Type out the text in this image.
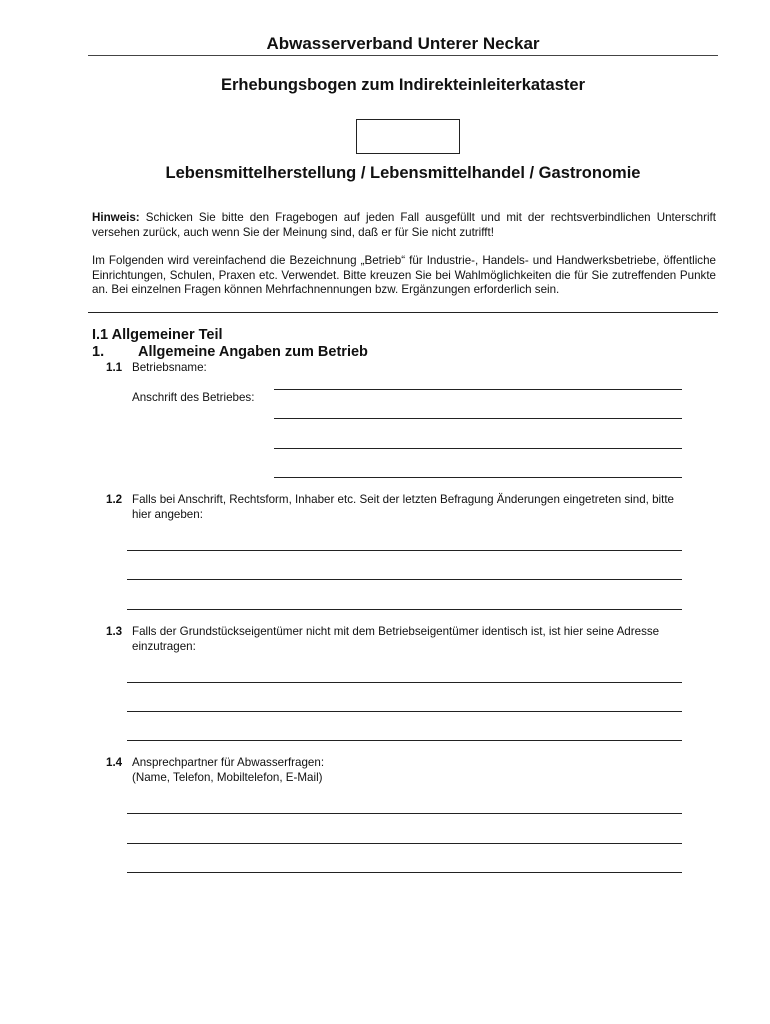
Abwasserverband Unterer Neckar
Erhebungsbogen zum Indirekteinleiterkataster
Lebensmittelherstellung / Lebensmittelhandel / Gastronomie
Hinweis: Schicken Sie bitte den Fragebogen auf jeden Fall ausgefüllt und mit der rechtsverbindlichen Unterschrift versehen zurück, auch wenn Sie der Meinung sind, daß er für Sie nicht zutrifft!
Im Folgenden wird vereinfachend die Bezeichnung „Betrieb“ für Industrie-, Handels- und Handwerksbetriebe, öffentliche Einrichtungen, Schulen, Praxen etc. Verwendet. Bitte kreuzen Sie bei Wahlmöglichkeiten die für Sie zutreffenden Punkte an. Bei einzelnen Fragen können Mehrfachnennungen bzw. Ergänzungen erforderlich sein.
I.1 Allgemeiner Teil
1. Allgemeine Angaben zum Betrieb
1.1 Betriebsname:
Anschrift des Betriebes:
1.2 Falls bei Anschrift, Rechtsform, Inhaber etc. Seit der letzten Befragung Änderungen eingetreten sind, bitte hier angeben:
1.3 Falls der Grundstückseigentümer nicht mit dem Betriebseigentümer identisch ist, ist hier seine Adresse einzutragen:
1.4 Ansprechpartner für Abwasserfragen:
(Name, Telefon, Mobiltelefon, E-Mail)
